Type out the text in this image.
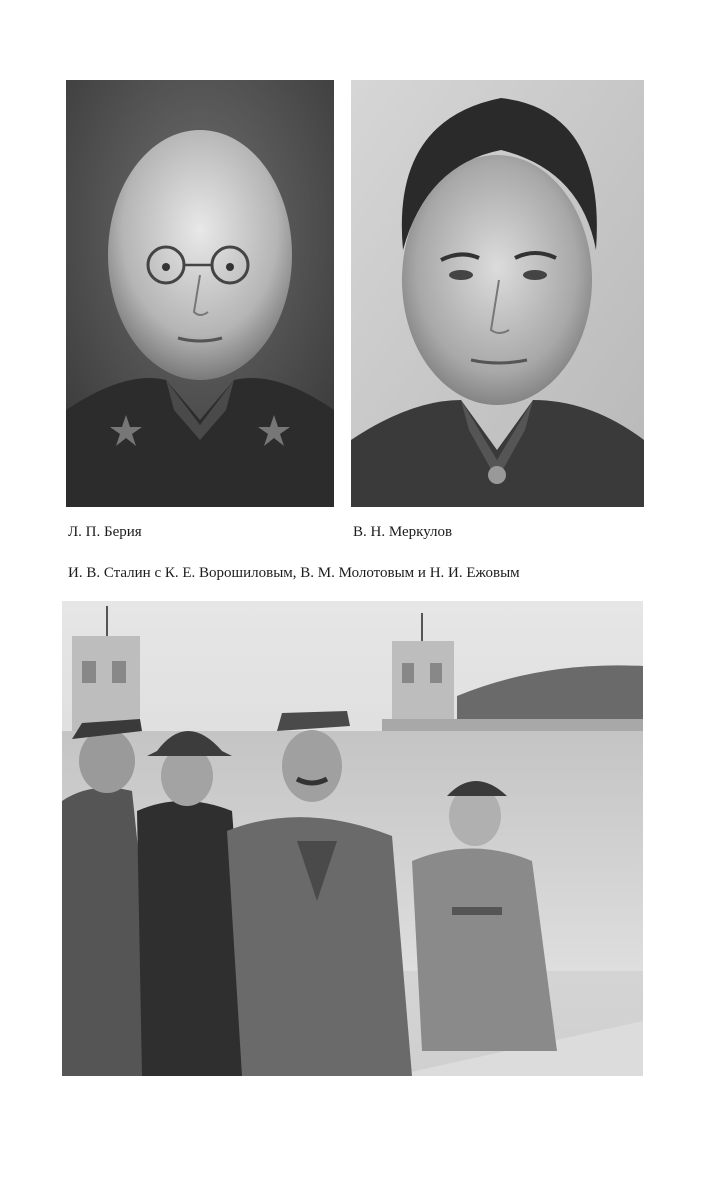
Л. П. Берия	В. Н. Меркулов
И. В. Сталин с К. Е. Ворошиловым, В. М. Молотовым и Н. И. Ежовым
